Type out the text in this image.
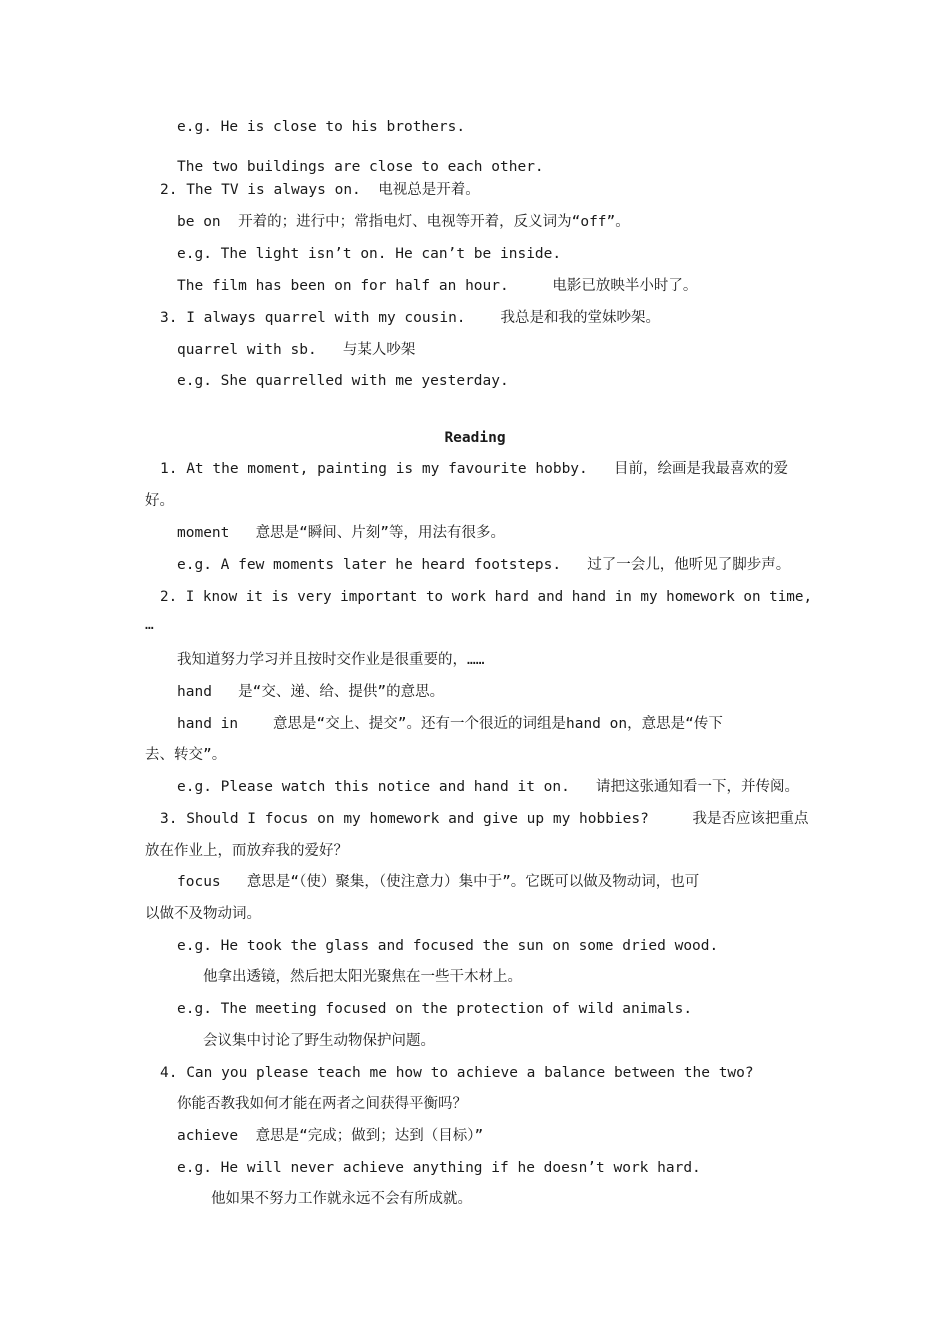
e.g. He is close to his brothers.
The two buildings are close to each other.
2. The TV is always on.  电视总是开着。
be on  开着的；进行中；常指电灯、电视等开着，反义词为“off”。
e.g. The light isn’t on. He can’t be inside.
The film has been on for half an hour.     电影已放映半小时了。
3. I always quarrel with my cousin.    我总是和我的堂妹吵架。
quarrel with sb.   与某人吵架
e.g. She quarrelled with me yesterday.
Reading
1. At the moment, painting is my favourite hobby.   目前，绘画是我最喜欢的爱
好。
moment   意思是“瞬间、片刻”等，用法有很多。
e.g. A few moments later he heard footsteps.   过了一会儿，他听见了脚步声。
2. I know it is very important to work hard and hand in my homework on time,
…
我知道努力学习并且按时交作业是很重要的，……
hand   是“交、递、给、提供”的意思。
hand in    意思是“交上、提交”。还有一个很近的词组是hand on，意思是“传下
去、转交”。
e.g. Please watch this notice and hand it on.   请把这张通知看一下，并传阅。
3. Should I focus on my homework and give up my hobbies?     我是否应该把重点
放在作业上，而放弃我的爱好？
focus   意思是“（使）聚集，（使注意力）集中于”。它既可以做及物动词，也可
以做不及物动词。
e.g. He took the glass and focused the sun on some dried wood.
他拿出透镜，然后把太阳光聚焦在一些干木材上。
e.g. The meeting focused on the protection of wild animals.
会议集中讨论了野生动物保护问题。
4. Can you please teach me how to achieve a balance between the two?
你能否教我如何才能在两者之间获得平衡吗？
achieve  意思是“完成；做到；达到（目标）”
e.g. He will never achieve anything if he doesn’t work hard.
他如果不努力工作就永远不会有所成就。
